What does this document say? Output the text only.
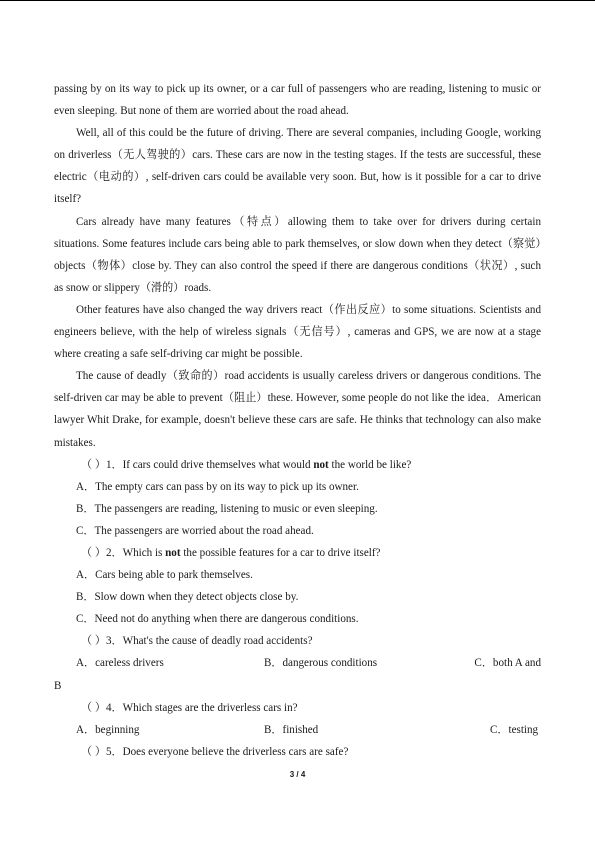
passing by on its way to pick up its owner, or a car full of passengers who are reading, listening to music or even sleeping. But none of them are worried about the road ahead.

Well, all of this could be the future of driving. There are several companies, including Google, working on driverless（无人驾驶的）cars. These cars are now in the testing stages. If the tests are successful, these electric（电动的）, self-driven cars could be available very soon. But, how is it possible for a car to drive itself?

Cars already have many features（特点）allowing them to take over for drivers during certain situations. Some features include cars being able to park themselves, or slow down when they detect（察觉）objects（物体）close by. They can also control the speed if there are dangerous conditions（状况）, such as snow or slippery（滑的）roads.

Other features have also changed the way drivers react（作出反应）to some situations. Scientists and engineers believe, with the help of wireless signals（无信号）, cameras and GPS, we are now at a stage where creating a safe self-driving car might be possible.

The cause of deadly（致命的）road accidents is usually careless drivers or dangerous conditions. The self-driven car may be able to prevent（阻止）these. However, some people do not like the idea．American lawyer Whit Drake, for example, doesn't believe these cars are safe. He thinks that technology can also make mistakes.

（ ）1．If cars could drive themselves what would not the world be like?

A．The empty cars can pass by on its way to pick up its owner.

B．The passengers are reading, listening to music or even sleeping.

C．The passengers are worried about the road ahead.

（ ）2．Which is not the possible features for a car to drive itself?

A．Cars being able to park themselves.

B．Slow down when they detect objects close by.

C．Need not do anything when there are dangerous conditions.

（ ）3．What's the cause of deadly road accidents?

A．careless drivers	B．dangerous conditions	C．both A and

B

（ ）4．Which stages are the driverless cars in?

A．beginning	B．finished	C．testing

（ ）5．Does everyone believe the driverless cars are safe?

3 / 4
